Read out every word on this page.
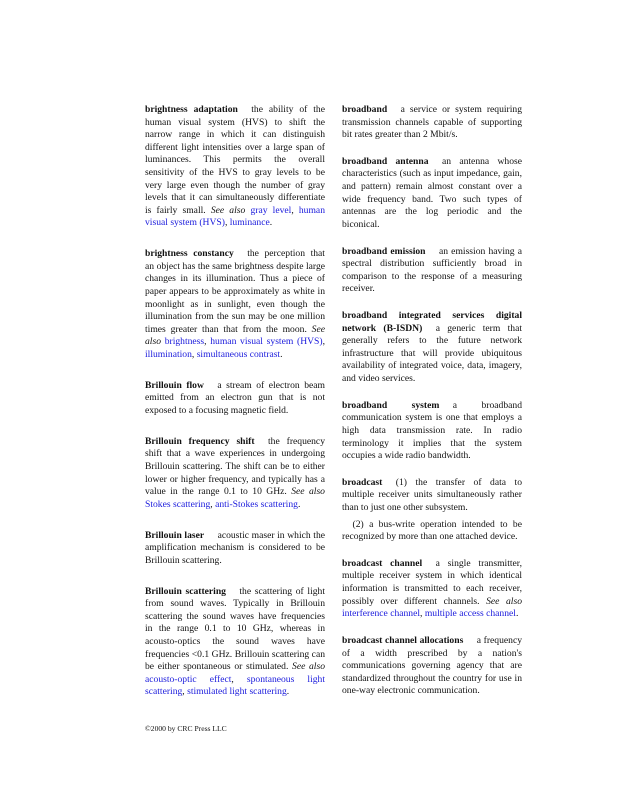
brightness adaptation the ability of the human visual system (HVS) to shift the narrow range in which it can distinguish different light intensities over a large span of luminances. This permits the overall sensitivity of the HVS to gray levels to be very large even though the number of gray levels that it can simultaneously differentiate is fairly small. See also gray level, human visual system (HVS), luminance.

brightness constancy the perception that an object has the same brightness despite large changes in its illumination. Thus a piece of paper appears to be approximately as white in moonlight as in sunlight, even though the illumination from the sun may be one million times greater than that from the moon. See also brightness, human visual system (HVS), illumination, simultaneous contrast.

Brillouin flow a stream of electron beam emitted from an electron gun that is not exposed to a focusing magnetic field.

Brillouin frequency shift the frequency shift that a wave experiences in undergoing Brillouin scattering. The shift can be to either lower or higher frequency, and typically has a value in the range 0.1 to 10 GHz. See also Stokes scattering, anti-Stokes scattering.

Brillouin laser acoustic maser in which the amplification mechanism is considered to be Brillouin scattering.

Brillouin scattering the scattering of light from sound waves. Typically in Brillouin scattering the sound waves have frequencies in the range 0.1 to 10 GHz, whereas in acousto-optics the sound waves have frequencies <0.1 GHz. Brillouin scattering can be either spontaneous or stimulated. See also acousto-optic effect, spontaneous light scattering, stimulated light scattering.

broadband a service or system requiring transmission channels capable of supporting bit rates greater than 2 Mbit/s.

broadband antenna an antenna whose characteristics (such as input impedance, gain, and pattern) remain almost constant over a wide frequency band. Two such types of antennas are the log periodic and the biconical.

broadband emission an emission having a spectral distribution sufficiently broad in comparison to the response of a measuring receiver.

broadband integrated services digital network (B-ISDN) a generic term that generally refers to the future network infrastructure that will provide ubiquitous availability of integrated voice, data, imagery, and video services.

broadband system a broadband communication system is one that employs a high data transmission rate. In radio terminology it implies that the system occupies a wide radio bandwidth.

broadcast (1) the transfer of data to multiple receiver units simultaneously rather than to just one other subsystem.

(2) a bus-write operation intended to be recognized by more than one attached device.

broadcast channel a single transmitter, multiple receiver system in which identical information is transmitted to each receiver, possibly over different channels. See also interference channel, multiple access channel.

broadcast channel allocations a frequency of a width prescribed by a nation's communications governing agency that are standardized throughout the country for use in one-way electronic communication.

©2000 by CRC Press LLC
